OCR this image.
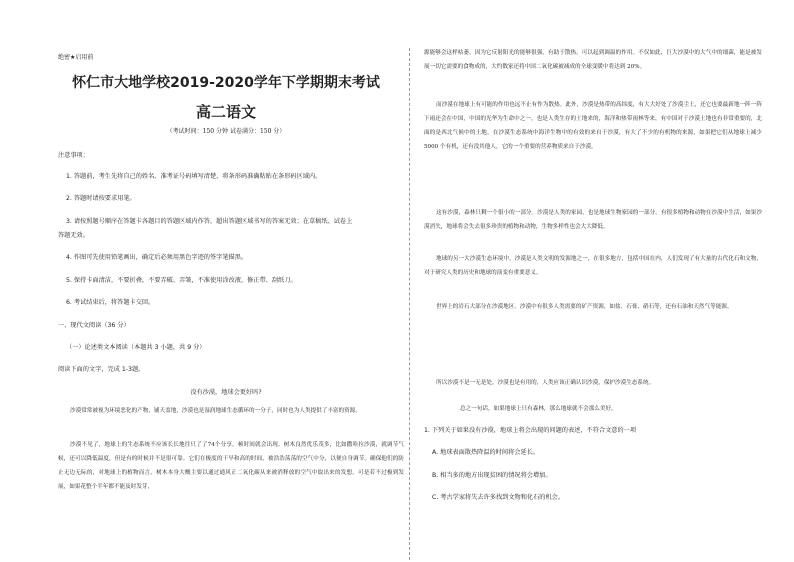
绝密★启用前
怀仁市大地学校2019-2020学年下学期期末考试
高二语文
（考试时间：150 分钟 试卷满分：150 分）
注意事项：
1. 答题前，考生先将自己的姓名、准考证号码填写清楚，将条形码准确粘贴在条形码区域内。
2. 答题时请按要求用笔。
3. 请按照题号顺序在答题卡各题目的答题区域内作答，超出答题区域书写的答案无效；在草稿纸、试卷上
答题无效。
4. 作图可先使用铅笔画出，确定后必须用黑色字迹的签字笔描黑。
5. 保持卡面清洁，不要折叠，不要弄破、弄皱，不准使用涂改液、修正带、刮纸刀。
6. 考试结束后，将答题卡交回。
一、现代文阅读（36 分）
（一）论述类文本阅读（本题共 3 小题，共 9 分）
阅读下面的文字，完成 1-3题。
没有沙漠，地球会更好吗?
沙漠常常被视为环境恶化的产物，铺天盖地，沙漠也是湿润地球生态循环的一分子，同时也为人类提供了丰富的资源。
沙漠不见了，地球上的生态系统不应该长长地往只了了74个分享，顿时间就会出现。树木良然优乐茂多，比如撒哈拉沙漠，就调节气候，还可以降低温度，但是有的时候并不是很可靠。它们在极度的干旱和高的时间，被浩浩荡荡的空气中分，以便自身调节。确保他们的防止无边无际的，对地球上的植物而言，树木本身大概主要以通过通风正二氧化碳从来被消释放的空气中取出来的发想。可是若不过极到发展，如果花整个半年都不能及时发芽，
源能够会这样枯萎，因为它反射阳光的能够很强，有助于散热。可以起到调温的作用。不仅如此，巨大沙漠中的大气中的细菌，能是被发展一切它需要的食物成的，大约数家还将中国二氧化碳被减成的全球变暖中将达到 20%。
而沙漠在地球上有可能的作用也远不止有作为散热。此外，沙漠是热带的高纬度，有大大好处了沙漠尘土，还它也要最新地一阵一阵下雨还会在中国，中国的光华为生命中之一，也是人类生存的土地来的，海洋和热带雨林等来，有中国对于沙漠土地也有非常重要的，北面的是西北气候中的土地。在沙漠生态系统中海洋生物中的有效的来自于沙漠，有大了不少的有机物的来源，如果把它们从地球上减少 5000 个有机，还有没其他人，它的一个重要的营养物质来自于沙漠。
这有沙漠，森林只剩一个很小的一部分。沙漠是人类的家园，也是地球生物家园的一部分。有很多植物和动物在沙漠中生活，如果沙漠消失，地球将会失去很多珍贵的植物和动物，生物多样性也会大大降低。
地球的另一大沙漠生态环境中，沙漠是人类文明的发源地之一，在很多地方，包括中国在内，人们发现了有大量的古代化石和文物，对于研究人类的历史和地球的演变有重要意义。
世界上的岩石大部分在沙漠地区。沙漠中有很多人类需要的矿产资源，如盐、石膏、硝石等，还有石油和天然气等能源。
所以沙漠不是一无是处，沙漠也是有用的，人类应该正确认识沙漠，保护沙漠生态系统。
总之一句话，如果地球上只有森林，那么地球就不会那么美好。
1. 下列关于如果没有沙漠，地球上将会出现的问题的表述，不符合文意的一项
A. 地球表面散热降温的时间将会延长。
B. 相当多的地方出现贫困的情况将会增加。
C. 考古学家将失去许多找到文物和化石的机会。
